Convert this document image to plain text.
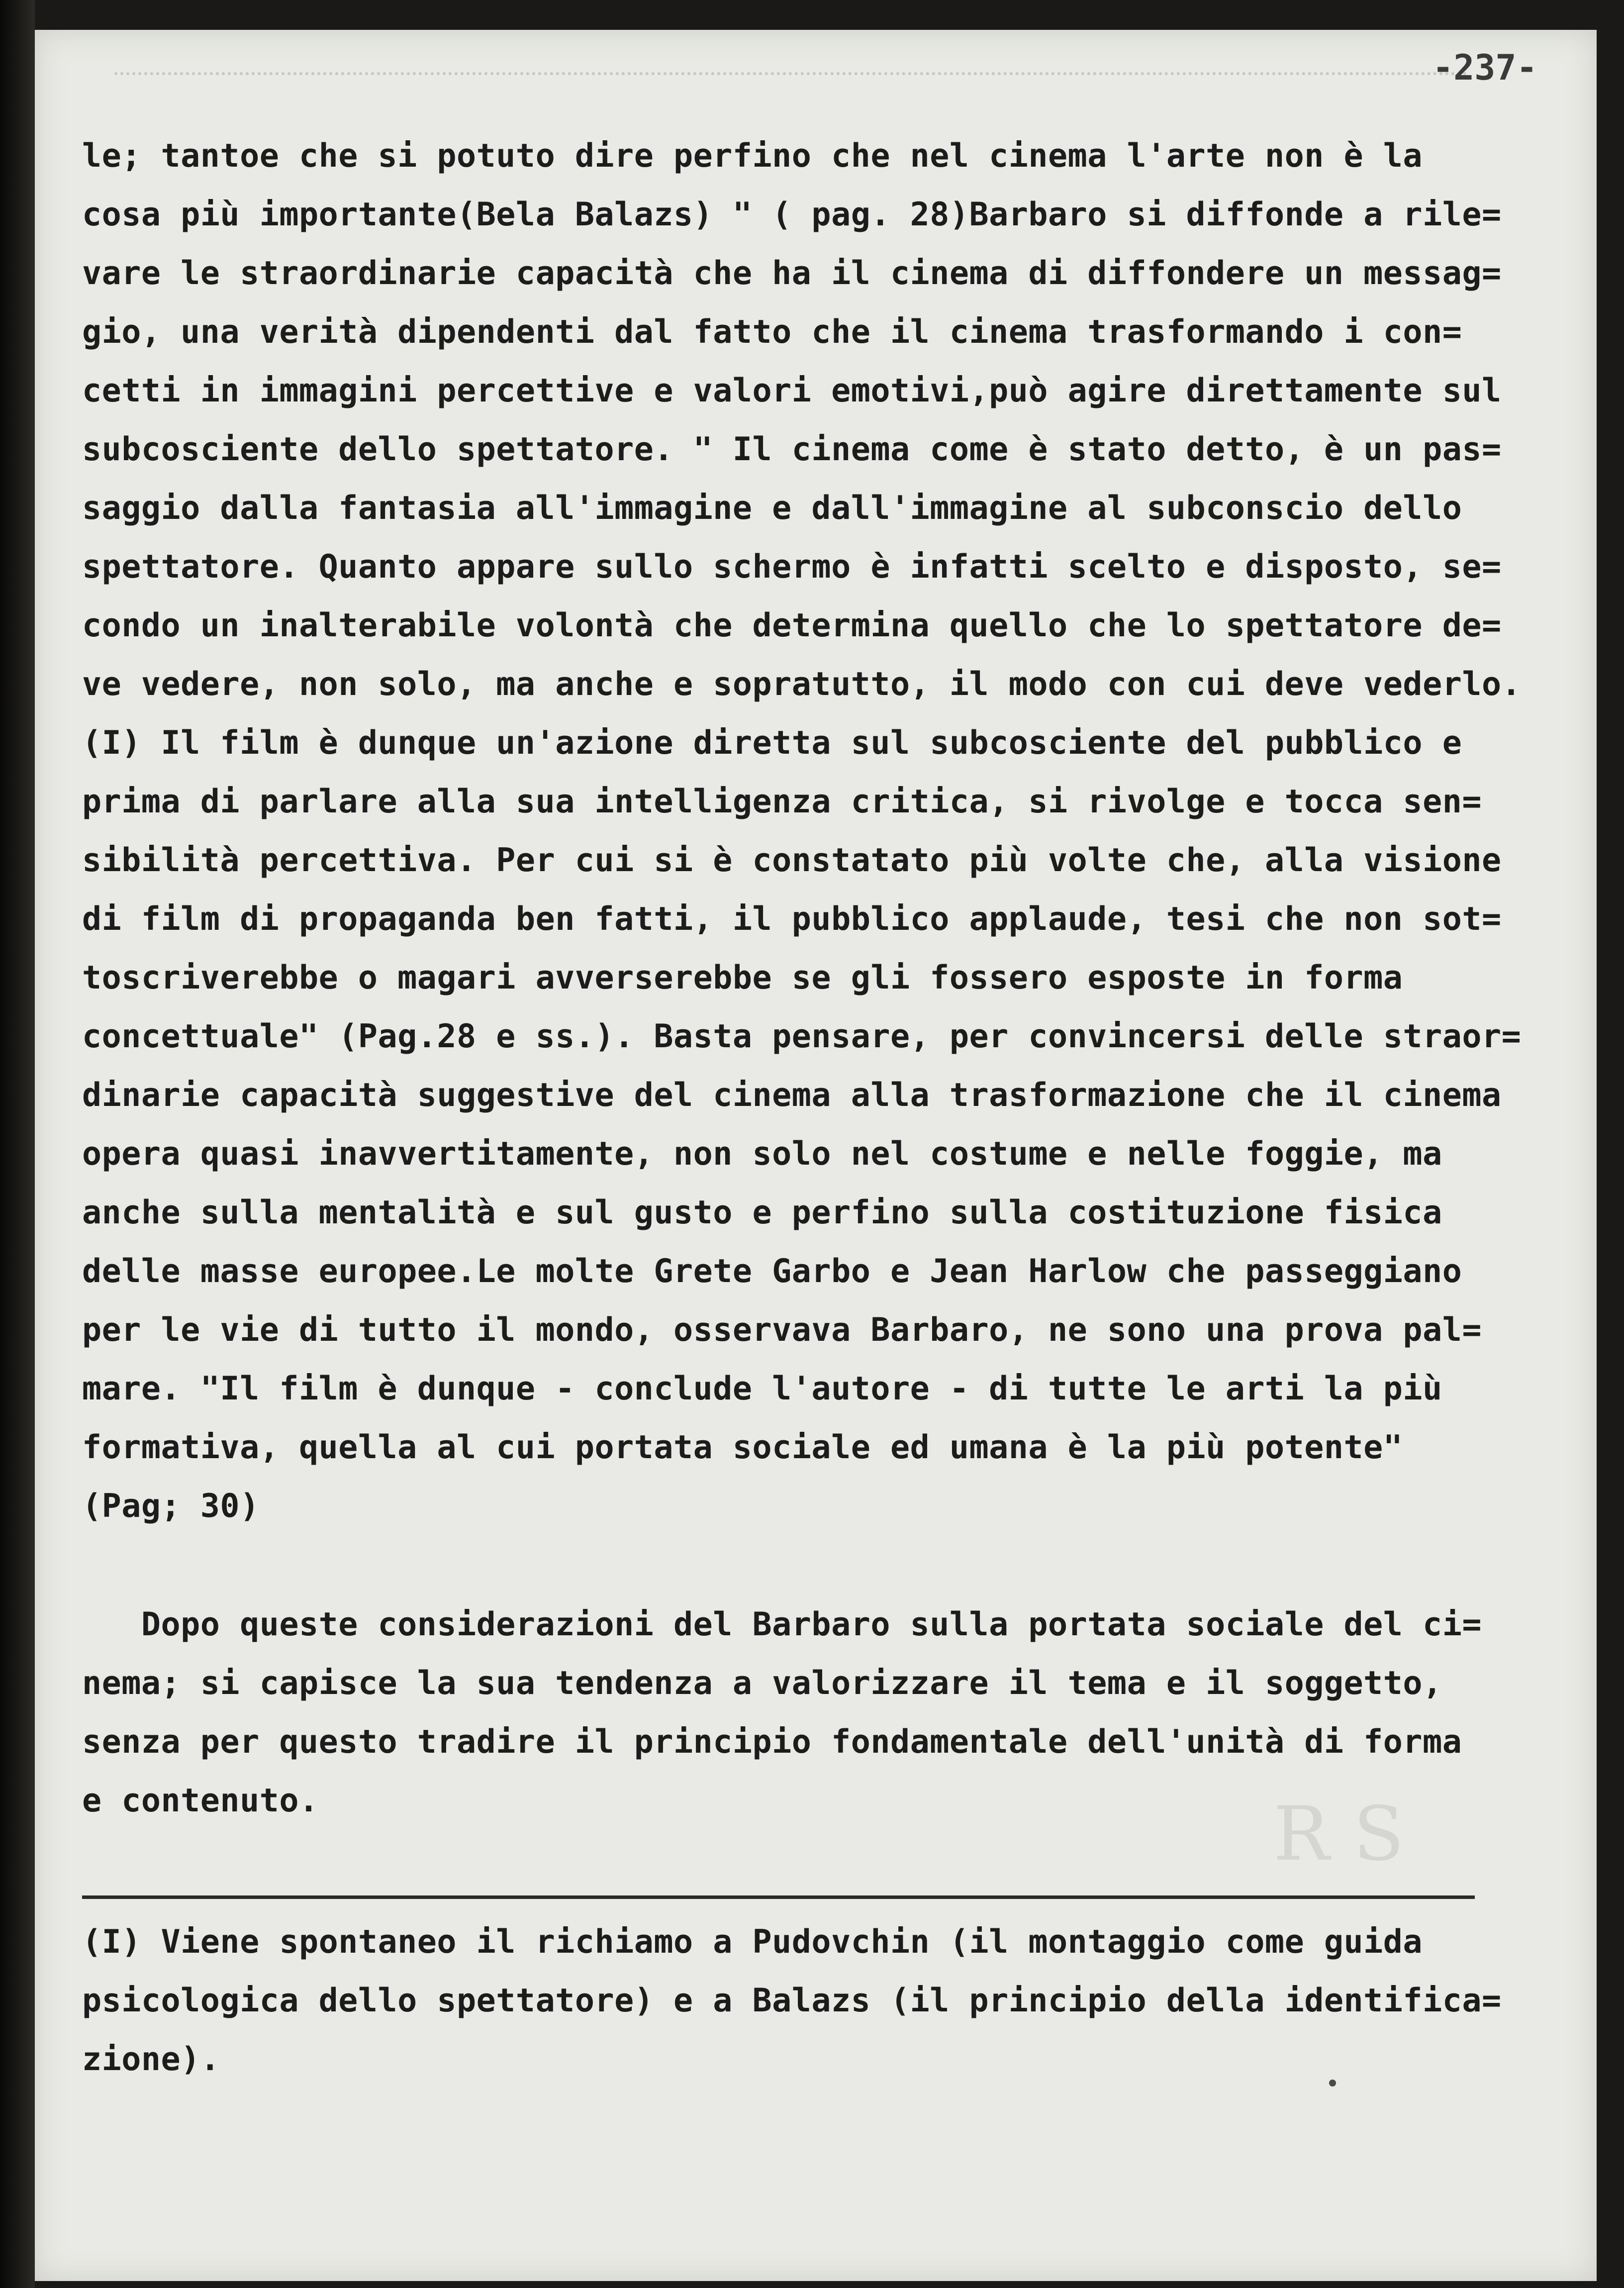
-237-
le; tantoe che si potuto dire perfino che nel cinema l'arte non è la
cosa più importante(Bela Balazs) " ( pag. 28)Barbaro si diffonde a rile=
vare le straordinarie capacità che ha il cinema di diffondere un messag=
gio, una verità dipendenti dal fatto che il cinema trasformando i con=
cetti in immagini percettive e valori emotivi,può agire direttamente sul
subcosciente dello spettatore. " Il cinema come è stato detto, è un pas=
saggio dalla fantasia all'immagine e dall'immagine al subconscio dello
spettatore. Quanto appare sullo schermo è infatti scelto e disposto, se=
condo un inalterabile volontà che determina quello che lo spettatore de=
ve vedere, non solo, ma anche e sopratutto, il modo con cui deve vederlo.
(I) Il film è dunque un'azione diretta sul subcosciente del pubblico e
prima di parlare alla sua intelligenza critica, si rivolge e tocca sen=
sibilità percettiva. Per cui si è constatato più volte che, alla visione
di film di propaganda ben fatti, il pubblico applaude, tesi che non sot=
toscriverebbe o magari avverserebbe se gli fossero esposte in forma
concettuale" (Pag.28 e ss.). Basta pensare, per convincersi delle straor=
dinarie capacità suggestive del cinema alla trasformazione che il cinema
opera quasi inavvertitamente, non solo nel costume e nelle foggie, ma
anche sulla mentalità e sul gusto e perfino sulla costituzione fisica
delle masse europee.Le molte Grete Garbo e Jean Harlow che passeggiano
per le vie di tutto il mondo, osservava Barbaro, ne sono una prova pal=
mare. "Il film è dunque - conclude l'autore - di tutte le arti la più
formativa, quella al cui portata sociale ed umana è la più potente"
(Pag; 30)
Dopo queste considerazioni del Barbaro sulla portata sociale del ci=
nema; si capisce la sua tendenza a valorizzare il tema e il soggetto,
senza per questo tradire il principio fondamentale dell'unità di forma
e contenuto.	R S
(I) Viene spontaneo il richiamo a Pudovchin (il montaggio come guida
psicologica dello spettatore) e a Balazs (il principio della identifica=
zione).
